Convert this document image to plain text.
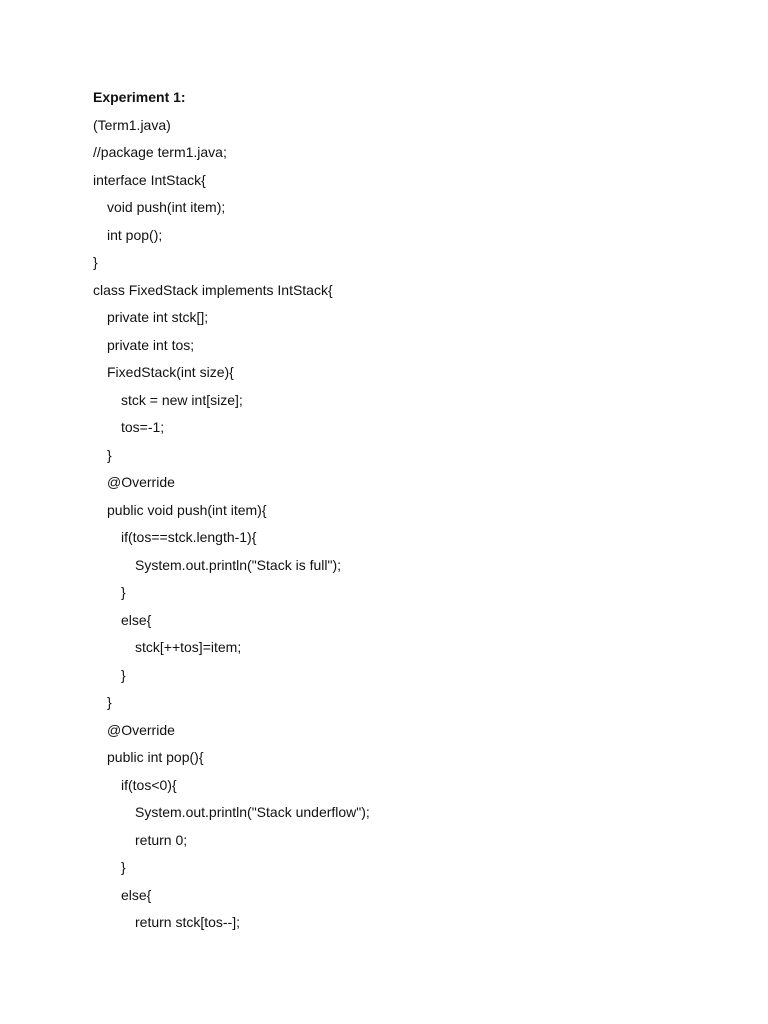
Experiment 1:
(Term1.java)
//package term1.java;
interface IntStack{
void push(int item);
int pop();
}
class FixedStack implements IntStack{
private int stck[];
private int tos;
FixedStack(int size){
stck = new int[size];
tos=-1;
}
@Override
public void push(int item){
if(tos==stck.length-1){
System.out.println("Stack is full");
}
else{
stck[++tos]=item;
}
}
@Override
public int pop(){
if(tos<0){
System.out.println("Stack underflow");
return 0;
}
else{
return stck[tos--];
